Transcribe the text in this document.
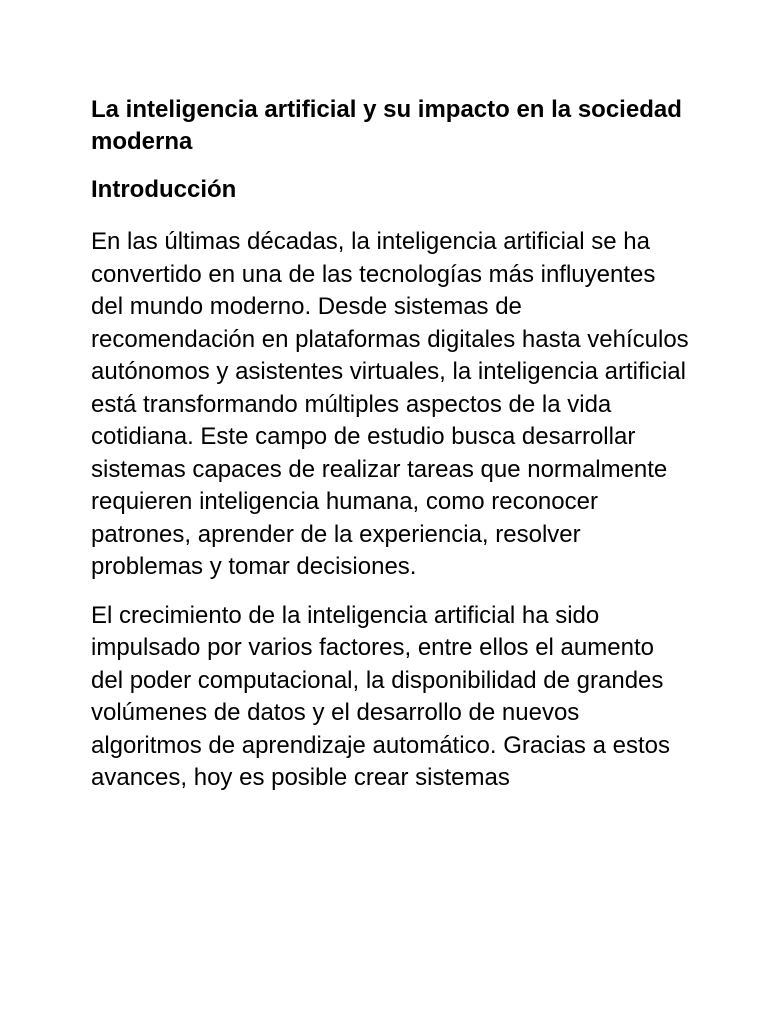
La inteligencia artificial y su impacto en la sociedad moderna
Introducción

En las últimas décadas, la inteligencia artificial se ha convertido en una de las tecnologías más influyentes del mundo moderno. Desde sistemas de recomendación en plataformas digitales hasta vehículos autónomos y asistentes virtuales, la inteligencia artificial está transformando múltiples aspectos de la vida cotidiana. Este campo de estudio busca desarrollar sistemas capaces de realizar tareas que normalmente requieren inteligencia humana, como reconocer patrones, aprender de la experiencia, resolver problemas y tomar decisiones.

El crecimiento de la inteligencia artificial ha sido impulsado por varios factores, entre ellos el aumento del poder computacional, la disponibilidad de grandes volúmenes de datos y el desarrollo de nuevos algoritmos de aprendizaje automático. Gracias a estos avances, hoy es posible crear sistemas
